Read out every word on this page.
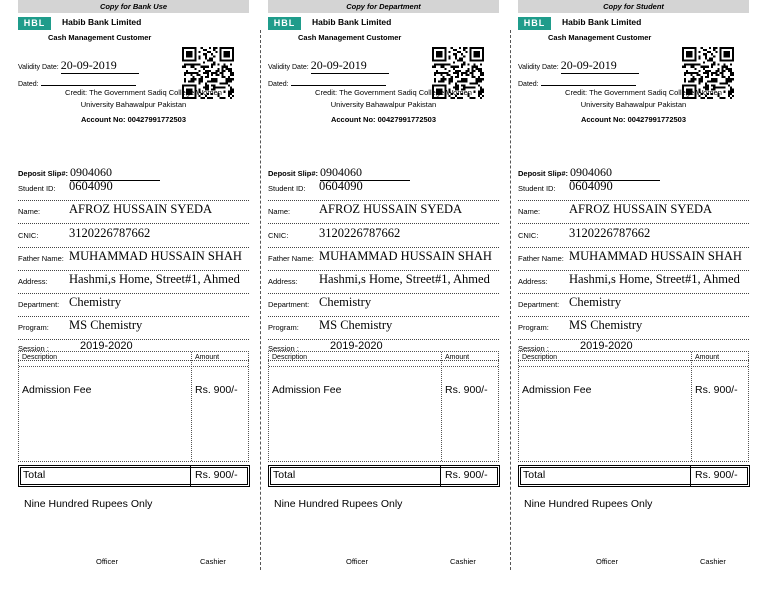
Copy for Bank Use
HBL	Habib Bank Limited
Cash Management Customer
Validity Date: 20-09-2019
Dated:
Credit: The Government Sadiq College Women
University Bahawalpur Pakistan
Account No: 00427991772503
Deposit Slip#: 0904060
Student ID: 0604090
Name: AFROZ HUSSAIN SYEDA
CNIC: 3120226787662
Father Name: MUHAMMAD HUSSAIN SHAH
Address: Hashmi,s Home, Street#1, Ahmed
Department: Chemistry
Program: MS Chemistry
Session :	2019-2020
Description	Amount
Admission Fee	Rs. 900/-
Total	Rs. 900/-
Nine Hundred Rupees Only
Officer	Cashier
Copy for Department
HBL	Habib Bank Limited
Cash Management Customer
Validity Date: 20-09-2019
Dated:
Credit: The Government Sadiq College Women
University Bahawalpur Pakistan
Account No: 00427991772503
Deposit Slip#: 0904060
Student ID: 0604090
Name: AFROZ HUSSAIN SYEDA
CNIC: 3120226787662
Father Name: MUHAMMAD HUSSAIN SHAH
Address: Hashmi,s Home, Street#1, Ahmed
Department: Chemistry
Program: MS Chemistry
Session :	2019-2020
Description	Amount
Admission Fee	Rs. 900/-
Total	Rs. 900/-
Nine Hundred Rupees Only
Officer	Cashier
Copy for Student
HBL	Habib Bank Limited
Cash Management Customer
Validity Date: 20-09-2019
Dated:
Credit: The Government Sadiq College Women
University Bahawalpur Pakistan
Account No: 00427991772503
Deposit Slip#: 0904060
Student ID: 0604090
Name: AFROZ HUSSAIN SYEDA
CNIC: 3120226787662
Father Name: MUHAMMAD HUSSAIN SHAH
Address: Hashmi,s Home, Street#1, Ahmed
Department: Chemistry
Program: MS Chemistry
Session :	2019-2020
Description	Amount
Admission Fee	Rs. 900/-
Total	Rs. 900/-
Nine Hundred Rupees Only
Officer	Cashier
